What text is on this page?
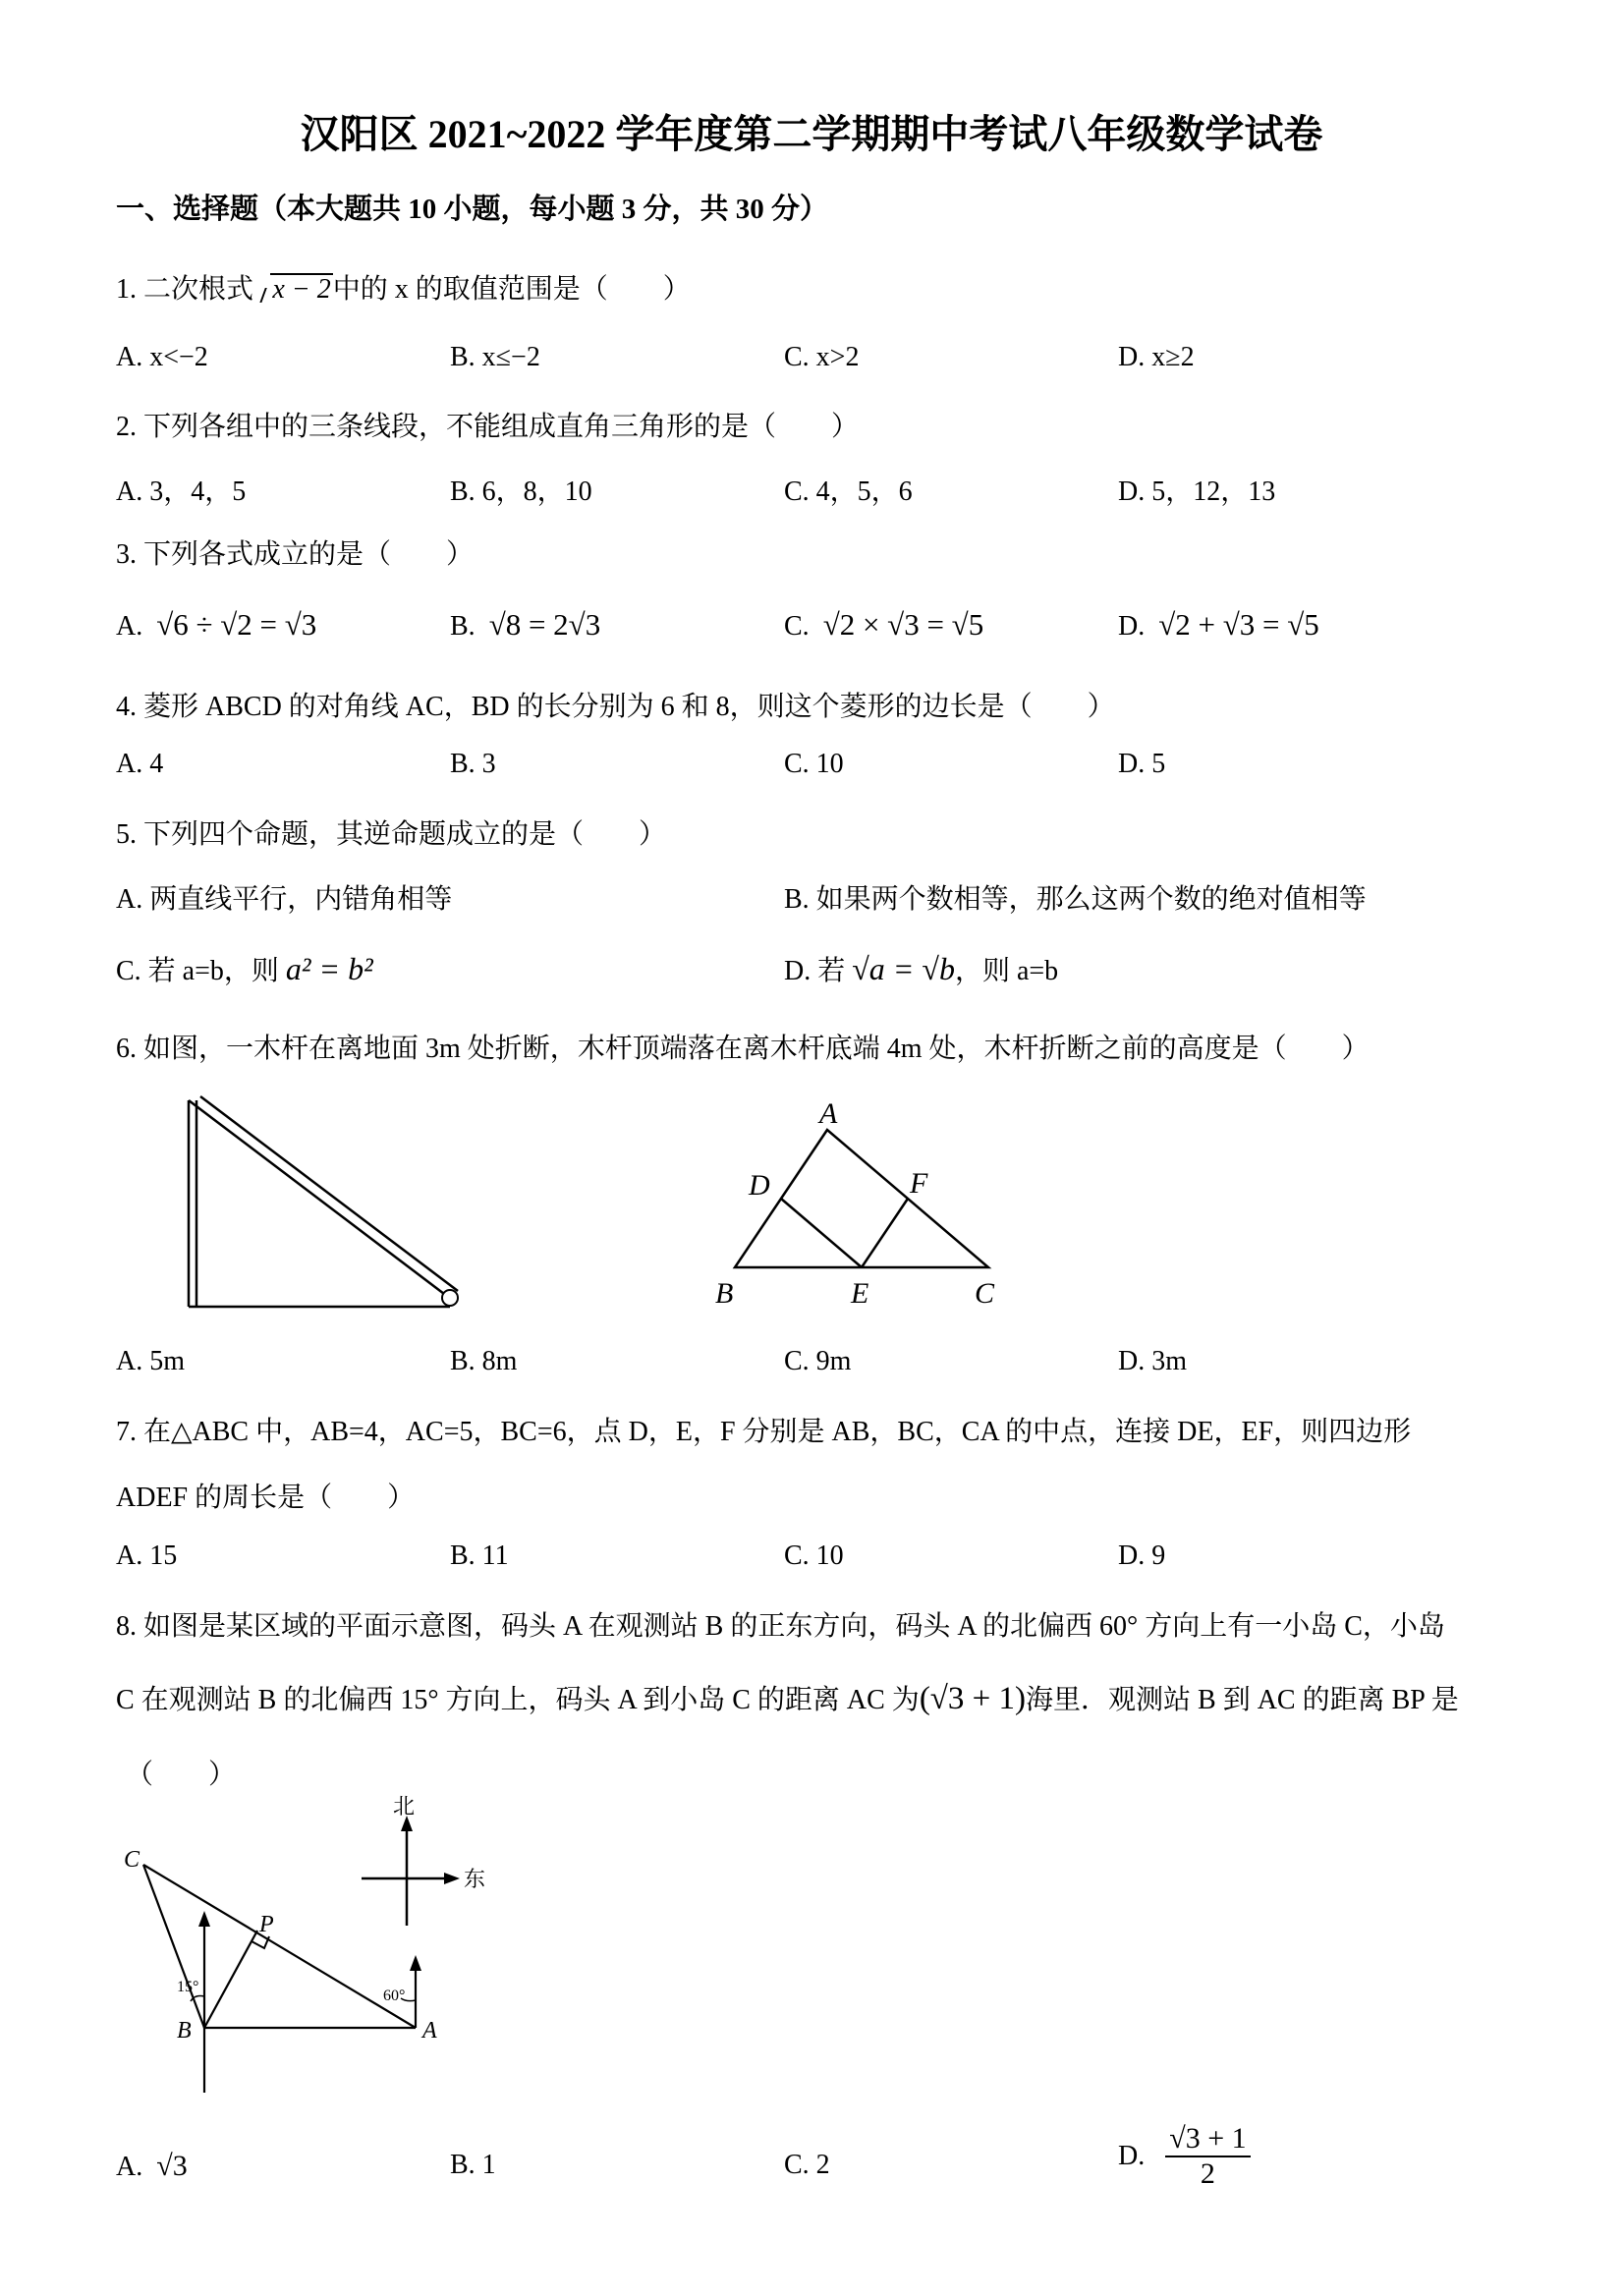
汉阳区 2021~2022 学年度第二学期期中考试八年级数学试卷
一、选择题（本大题共 10 小题，每小题 3 分，共 30 分）
1. 二次根式 x − 2中的 x 的取值范围是（　　）
A. x<−2	B. x≤−2	C. x>2	D. x≥2
2. 下列各组中的三条线段，不能组成直角三角形的是（　　）
A. 3，4，5	B. 6，8，10	C. 4，5，6	D. 5，12，13
3. 下列各式成立的是（　　）
A. √6 ÷ √2 = √3	B. √8 = 2√3	C. √2 × √3 = √5	D. √2 + √3 = √5
4. 菱形 ABCD 的对角线 AC，BD 的长分别为 6 和 8，则这个菱形的边长是（　　）
A. 4	B. 3	C. 10	D. 5
5. 下列四个命题，其逆命题成立的是（　　）
A. 两直线平行，内错角相等	B. 如果两个数相等，那么这两个数的绝对值相等
C. 若 a=b，则 a² = b²	D. 若 √a = √b，则 a=b
6. 如图，一木杆在离地面 3m 处折断，木杆顶端落在离木杆底端 4m 处，木杆折断之前的高度是（　　）
A
D	F
B	E	C
A. 5m	B. 8m	C. 9m	D. 3m
7. 在△ABC 中，AB=4，AC=5，BC=6，点 D，E，F 分别是 AB，BC，CA 的中点，连接 DE，EF，则四边形
ADEF 的周长是（　　）
A. 15	B. 11	C. 10	D. 9
8. 如图是某区域的平面示意图，码头 A 在观测站 B 的正东方向，码头 A 的北偏西 60° 方向上有一小岛 C，小岛
C 在观测站 B 的北偏西 15° 方向上，码头 A 到小岛 C 的距离 AC 为(√3 + 1)海里．观测站 B 到 AC 的距离 BP 是
（　　）
北
东
C
P
B	A
15°
60°
A. √3	B. 1	C. 2	D. $\frac{√3 + 1}{2}$
